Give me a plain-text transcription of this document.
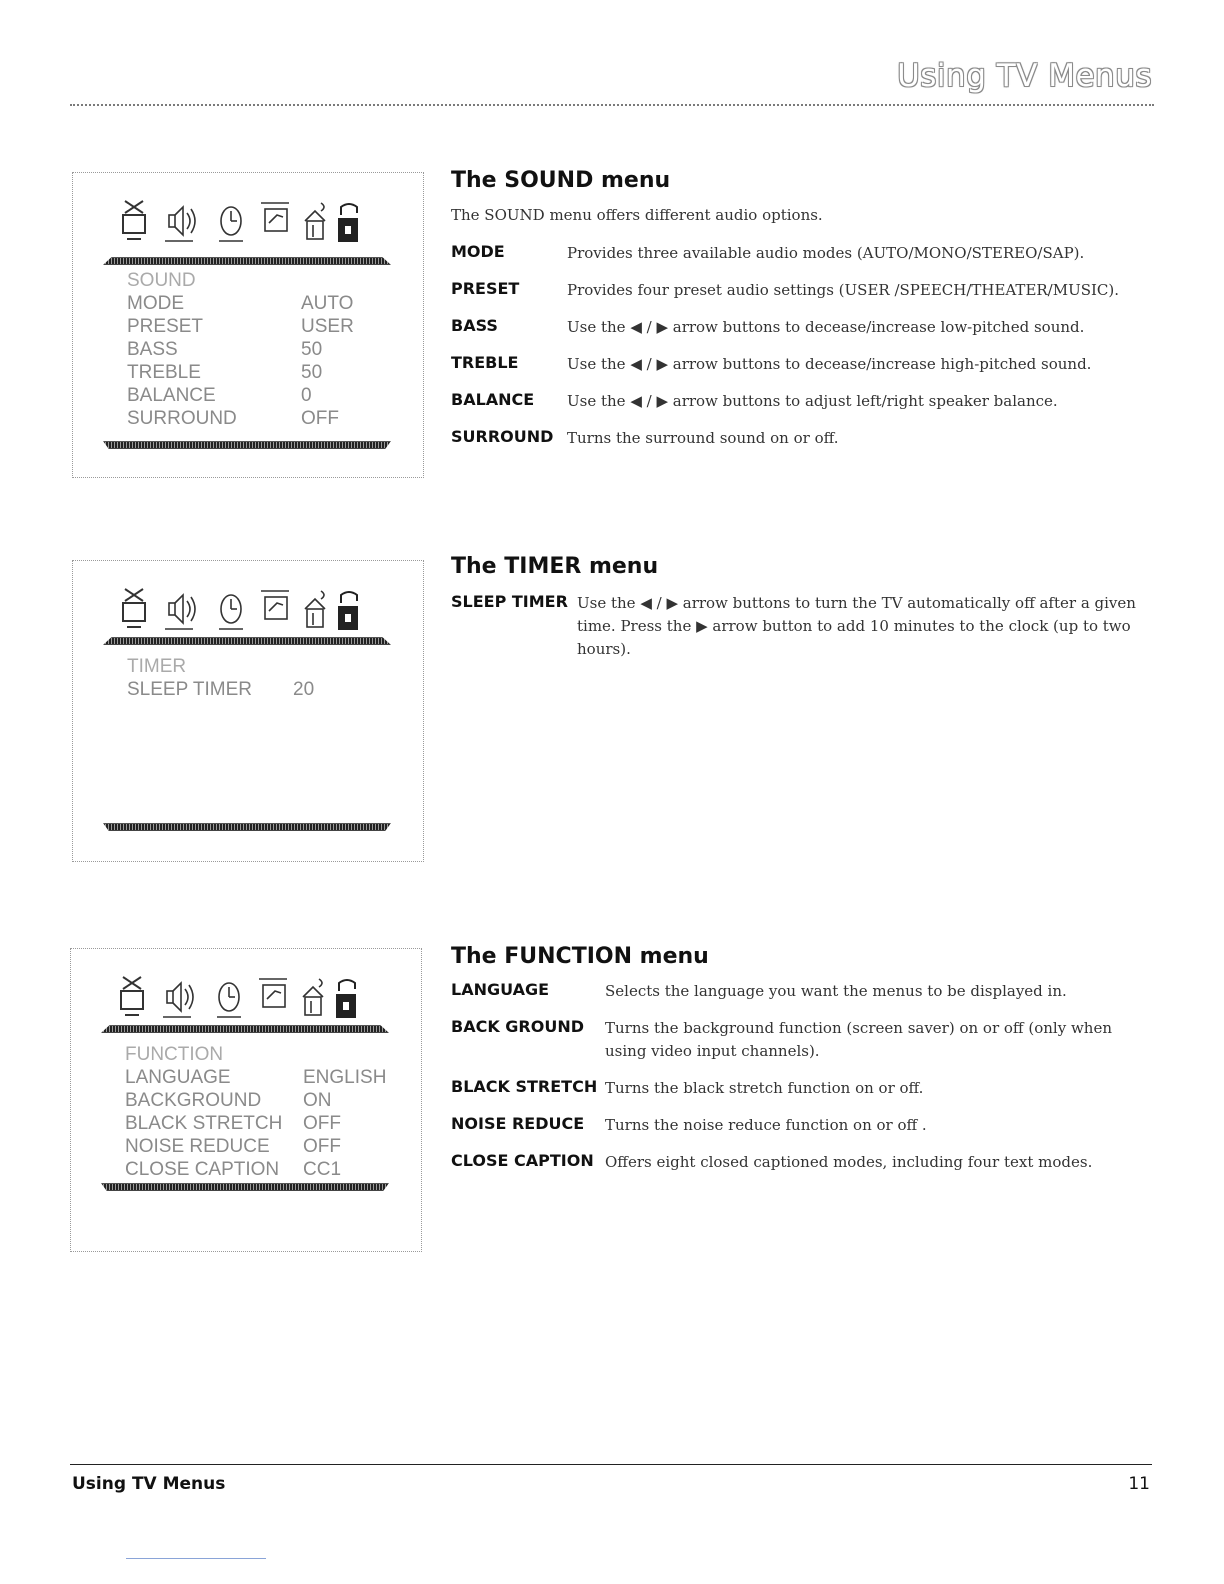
Using TV Menus
SOUND
MODE	AUTO
PRESET	USER
BASS	50
TREBLE	50
BALANCE	0
SURROUND	OFF
The SOUND menu
The SOUND menu offers different audio options.
MODE	Provides three available audio modes (AUTO/MONO/STEREO/SAP).
PRESET	Provides four preset audio settings (USER /SPEECH/THEATER/MUSIC).
BASS	Use the ◀ / ▶ arrow buttons to decease/increase low-pitched sound.
TREBLE	Use the ◀ / ▶ arrow buttons to decease/increase high-pitched sound.
BALANCE	Use the ◀ / ▶ arrow buttons to adjust left/right speaker balance.
SURROUND Turns the surround sound on or off.
TIMER
SLEEP TIMER	20
The TIMER menu
SLEEP TIMER Use the ◀ / ▶ arrow buttons to turn the TV automatically off after a given time. Press the ▶ arrow button to add 10 minutes to the clock (up to two hours).
FUNCTION
LANGUAGE	ENGLISH
BACKGROUND	ON
BLACK STRETCH	OFF
NOISE REDUCE	OFF
CLOSE CAPTION	CC1
The FUNCTION menu
LANGUAGE	Selects the language you want the menus to be displayed in.
BACK GROUND	Turns the background function (screen saver) on or off (only when using video input channels).
BLACK STRETCH Turns the black stretch function on or off.
NOISE REDUCE	Turns the noise reduce function on or off .
CLOSE CAPTION Offers eight closed captioned modes, including four text modes.
Using TV Menus	11
